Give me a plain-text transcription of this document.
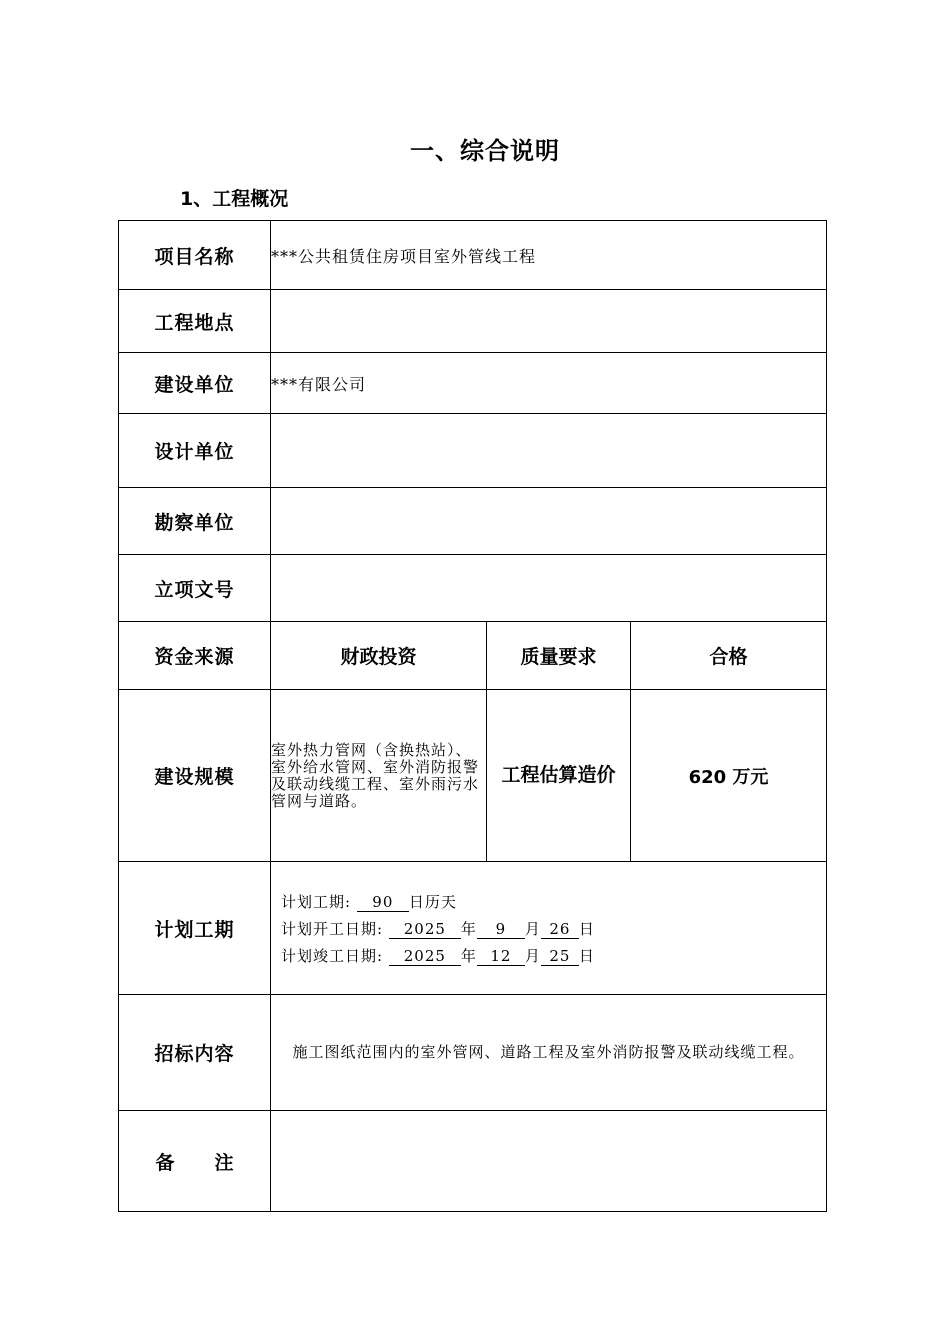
一、综合说明
1、工程概况
项目名称	***公共租赁住房项目室外管线工程		
工程地点			
建设单位	***有限公司		
设计单位			
勘察单位			
立项文号			
资金来源	财政投资	质量要求	合格
建设规模	室外热力管网（含换热站）、室外给水管网、室外消防报警及联动线缆工程、室外雨污水管网与道路。	工程估算造价	620 万元
计划工期	计划工期: 90 日历天
计划开工日期: 2025 年 9 月 26 日
计划竣工日期: 2025 年 12 月 25 日		

招标内容	施工图纸范围内的室外管网、道路工程及室外消防报警及联动线缆工程。		
备 注			
